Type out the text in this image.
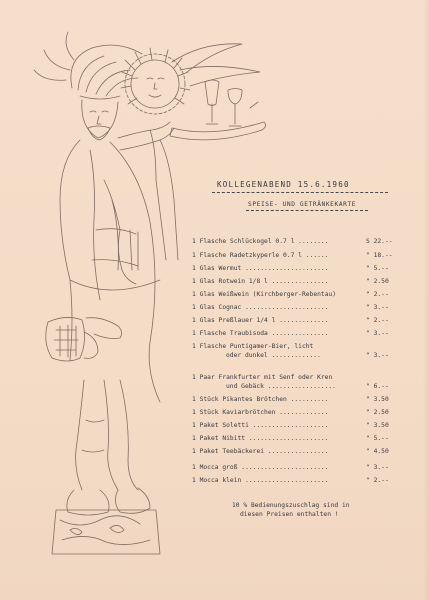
KOLLEGENABEND 15.6.1960
SPEISE- UND GETRÄNKEKARTE
1 Flasche Schlückogel 0.7 l ........	S 22.--
1 Flasche Radetzkyperle 0.7 l ......	" 18.--
1 Glas Wermut ......................	" 5.--
1 Glas Rotwein 1/8 l ...............	" 2.50
1 Glas Weißwein (Kirchberger-Rebentau)	" 2.--
1 Glas Cognac ......................	" 3.--
1 Glas Preßlauer 1/4 l .............	" 2.--
1 Flasche Traubisoda ...............	" 3.--
1 Flasche Puntigamer-Bier, licht
oder dunkel .............	" 3.--
1 Paar Frankfurter mit Senf oder Kren
und Gebäck ..................	" 6.--
1 Stück Pikantes Brötchen ..........	" 3.50
1 Stück Kaviarbrötchen .............	" 2.50
1 Paket Soletti ....................	" 3.50
1 Paket Nibitt .....................	" 5.--
1 Paket Teebäckerei ................	" 4.50
1 Mocca groß .......................	" 3.--
1 Mocca klein ......................	" 2.--
10 % Bedienungszuschlag sind in
diesen Preisen enthalten !
